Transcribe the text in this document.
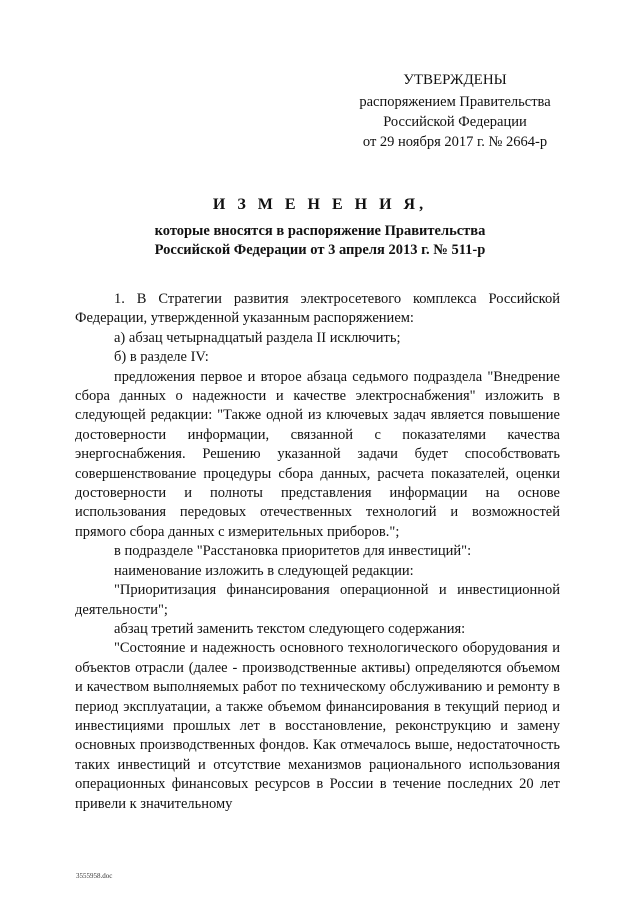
УТВЕРЖДЕНЫ
распоряжением Правительства
Российской Федерации
от 29 ноября 2017 г. № 2664-р
И З М Е Н Е Н И Я,
которые вносятся в распоряжение Правительства
Российской Федерации от 3 апреля 2013 г. № 511-р

1. В Стратегии развития электросетевого комплекса Российской Федерации, утвержденной указанным распоряжением:

а) абзац четырнадцатый раздела II исключить;

б) в разделе IV:

предложения первое и второе абзаца седьмого подраздела "Внедрение сбора данных о надежности и качестве электроснабжения" изложить в следующей редакции: "Также одной из ключевых задач является повышение достоверности информации, связанной с показателями качества энергоснабжения. Решению указанной задачи будет способствовать совершенствование процедуры сбора данных, расчета показателей, оценки достоверности и полноты представления информации на основе использования передовых отечественных технологий и возможностей прямого сбора данных с измерительных приборов.";

в подразделе "Расстановка приоритетов для инвестиций":

наименование изложить в следующей редакции:

"Приоритизация финансирования операционной и инвестиционной деятельности";

абзац третий заменить текстом следующего содержания:

"Состояние и надежность основного технологического оборудования и объектов отрасли (далее - производственные активы) определяются объемом и качеством выполняемых работ по техническому обслуживанию и ремонту в период эксплуатации, а также объемом финансирования в текущий период и инвестициями прошлых лет в восстановление, реконструкцию и замену основных производственных фондов. Как отмечалось выше, недостаточность таких инвестиций и отсутствие механизмов рационального использования операционных финансовых ресурсов в России в течение последних 20 лет привели к значительному

3555958.doc
